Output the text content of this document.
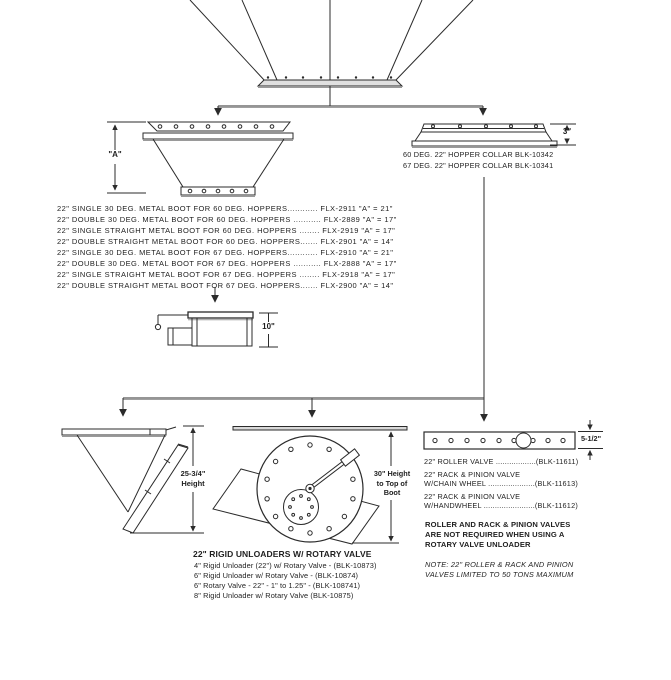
"A"
3"
60 DEG. 22" HOPPER COLLAR BLK-10342
67 DEG. 22" HOPPER COLLAR BLK-10341
22" SINGLE 30 DEG. METAL BOOT FOR 60 DEG. HOPPERS............ FLX-2911 "A" = 21"
22" DOUBLE 30 DEG. METAL BOOT FOR 60 DEG. HOPPERS ........... FLX-2889 "A" = 17"
22" SINGLE STRAIGHT METAL BOOT FOR 60 DEG. HOPPERS ........ FLX-2919 "A" = 17"
22" DOUBLE STRAIGHT METAL BOOT FOR 60 DEG. HOPPERS....... FLX-2901 "A" = 14"
22" SINGLE 30 DEG. METAL BOOT FOR 67 DEG. HOPPERS............ FLX-2910 "A" = 21"
22" DOUBLE 30 DEG. METAL BOOT FOR 67 DEG. HOPPERS ........... FLX-2888 "A" = 17"
22" SINGLE STRAIGHT METAL BOOT FOR 67 DEG. HOPPERS ........ FLX-2918 "A" = 17"
22" DOUBLE STRAIGHT METAL BOOT FOR 67 DEG. HOPPERS....... FLX-2900 "A" = 14"
10"
25-3/4"
Height
30" Height
to Top of
Boot
22" RIGID UNLOADERS W/ ROTARY VALVE
4" Rigid Unloader (22") w/ Rotary Valve - (BLK-10873)
6" Rigid Unloader w/ Rotary Valve - (BLK-10874)
6" Rotary Valve - 22" - 1" to 1.25" - (BLK-108741)
8" Rigid Unloader w/ Rotary Valve (BLK-10875)
5-1/2"
22" ROLLER VALVE ..................(BLK-11611)
22" RACK & PINION VALVE
W/CHAIN WHEEL .....................(BLK-11613)
22" RACK & PINION VALVE
W/HANDWHEEL .......................(BLK-11612)
ROLLER AND RACK & PINION VALVES
ARE NOT REQUIRED WHEN USING A
ROTARY VALVE UNLOADER
NOTE: 22" ROLLER & RACK AND PINION
VALVES LIMITED TO 50 TONS MAXIMUM
